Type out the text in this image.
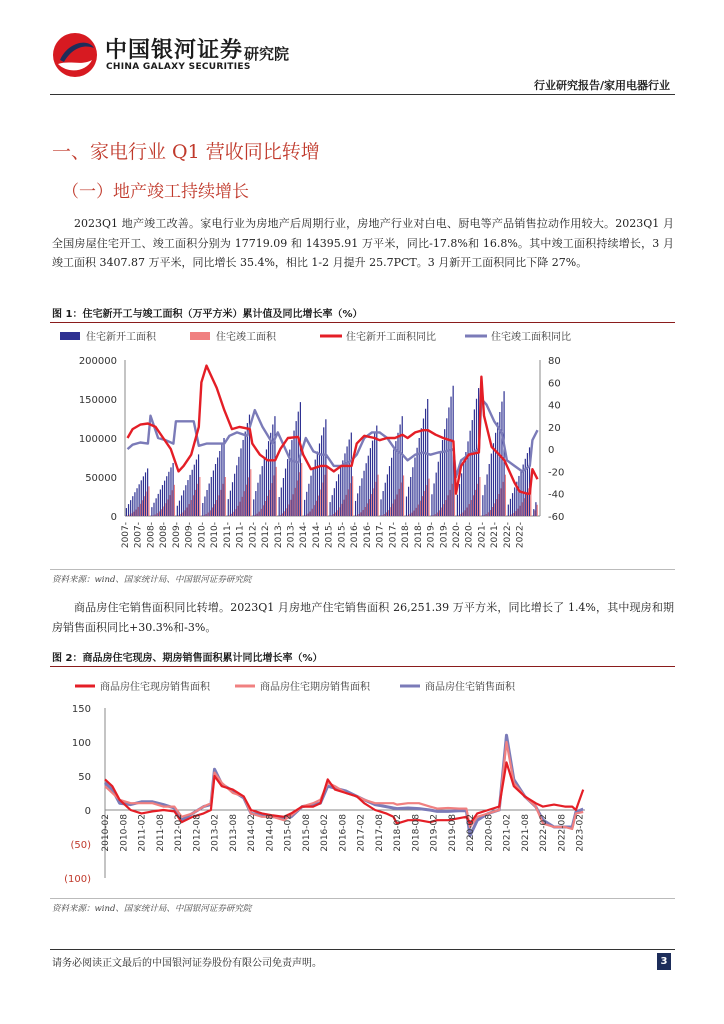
中国银河证券
CHINA GALAXY SECURITIES
研究院
行业研究报告/家用电器行业
一、家电行业 Q1 营收同比转增
（一）地产竣工持续增长
2023Q1 地产竣工改善。家电行业为房地产后周期行业，房地产行业对白电、厨电等产品销售拉动作用较大。2023Q1 月全国房屋住宅开工、竣工面积分别为 17719.09 和 14395.91 万平米，同比-17.8%和 16.8%。其中竣工面积持续增长，3 月竣工面积 3407.87 万平米，同比增长 35.4%，相比 1-2 月提升 25.7PCT。3 月新开工面积同比下降 27%。
图 1：住宅新开工与竣工面积（万平方米）累计值及同比增长率（%）
住宅新开工面积	住宅竣工面积	住宅新开工面积同比	住宅竣工面积同比
0
50000
100000
150000
200000
-60
-40
-20
0
20
40
60
80
2007- 2007- 2008- 2008- 2009- 2009- 2010- 2010- 2011- 2011- 2012- 2012- 2013- 2013- 2014- 2014- 2015- 2015- 2016- 2016- 2017- 2017- 2018- 2018- 2019- 2019- 2020- 2020- 2021- 2021- 2022- 2022-
资料来源：wind、国家统计局、中国银河证券研究院
商品房住宅销售面积同比转增。2023Q1 月房地产住宅销售面积 26,251.39 万平方米，同比增长了 1.4%，其中现房和期房销售面积同比+30.3%和-3%。
图 2：商品房住宅现房、期房销售面积累计同比增长率（%）
商品房住宅现房销售面积	商品房住宅期房销售面积	商品房住宅销售面积
150
100
50
0
(50)
(100)
2010-02 2010-08 2011-02 2011-08 2012-02 2012-08 2013-02 2013-08 2014-02 2014-08 2015-02 2015-08 2016-02 2016-08 2017-02 2017-08 2018-02 2018-08 2019-02 2019-08 2020-02 2020-08 2021-02 2021-08 2022-02 2022-08 2023-02
资料来源：wind、国家统计局、中国银河证券研究院
请务必阅读正文最后的中国银河证券股份有限公司免责声明。	3
